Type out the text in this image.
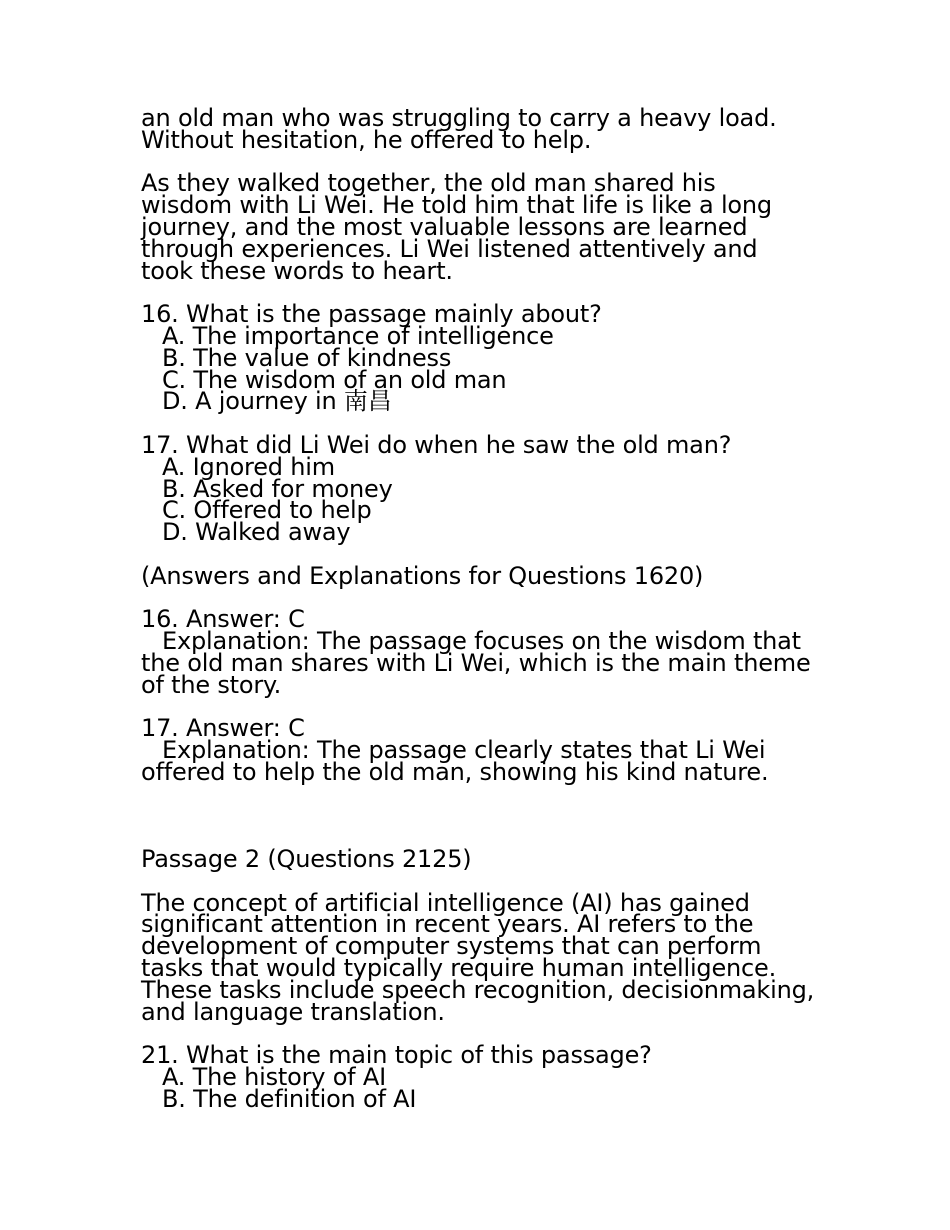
an old man who was struggling to carry a heavy load.
Without hesitation, he offered to help.
As they walked together, the old man shared his
wisdom with Li Wei. He told him that life is like a long
journey, and the most valuable lessons are learned
through experiences. Li Wei listened attentively and
took these words to heart.
16. What is the passage mainly about?
A. The importance of intelligence
B. The value of kindness
C. The wisdom of an old man
D. A journey in 南昌
17. What did Li Wei do when he saw the old man?
A. Ignored him
B. Asked for money
C. Offered to help
D. Walked away
(Answers and Explanations for Questions 1620)
16. Answer: C
Explanation: The passage focuses on the wisdom that
the old man shares with Li Wei, which is the main theme
of the story.
17. Answer: C
Explanation: The passage clearly states that Li Wei
offered to help the old man, showing his kind nature.
Passage 2 (Questions 2125)
The concept of artificial intelligence (AI) has gained
significant attention in recent years. AI refers to the
development of computer systems that can perform
tasks that would typically require human intelligence.
These tasks include speech recognition, decisionmaking,
and language translation.
21. What is the main topic of this passage?
A. The history of AI
B. The definition of AI
